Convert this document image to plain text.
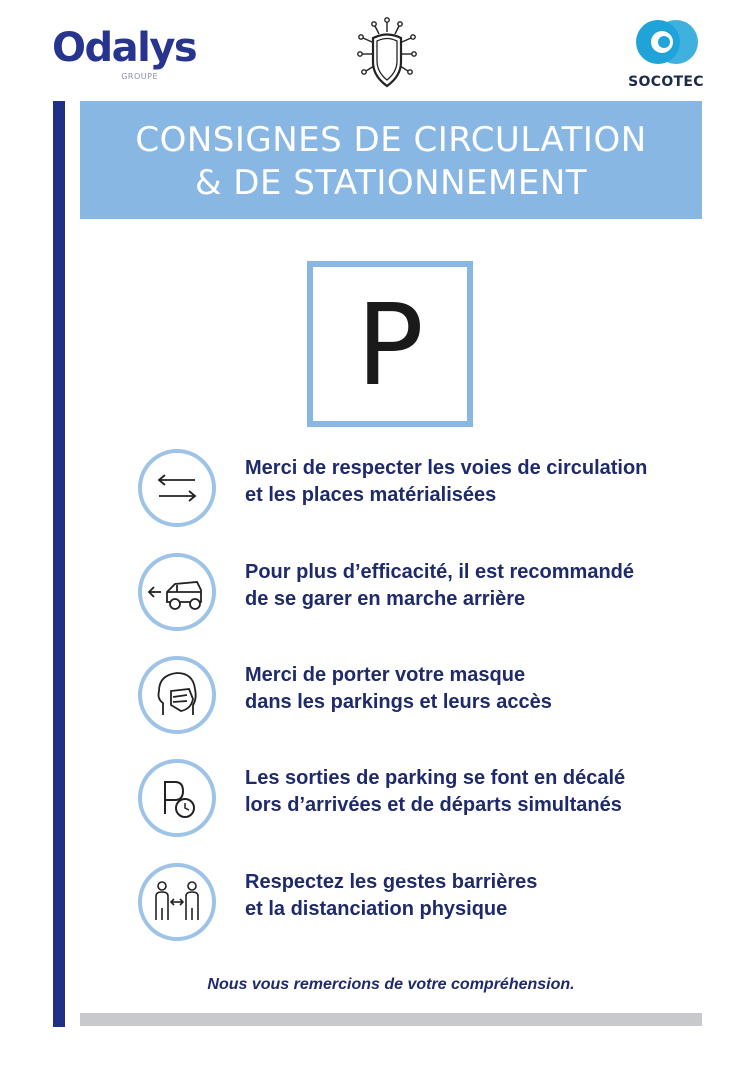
Odalys
GROUPE	SOCOTEC
CONSIGNES DE CIRCULATION
& DE STATIONNEMENT
P
Merci de respecter les voies de circulation
et les places matérialisées
Pour plus d’efficacité, il est recommandé
de se garer en marche arrière
Merci de porter votre masque
dans les parkings et leurs accès
Les sorties de parking se font en décalé
lors d’arrivées et de départs simultanés
Respectez les gestes barrières
et la distanciation physique
Nous vous remercions de votre compréhension.
